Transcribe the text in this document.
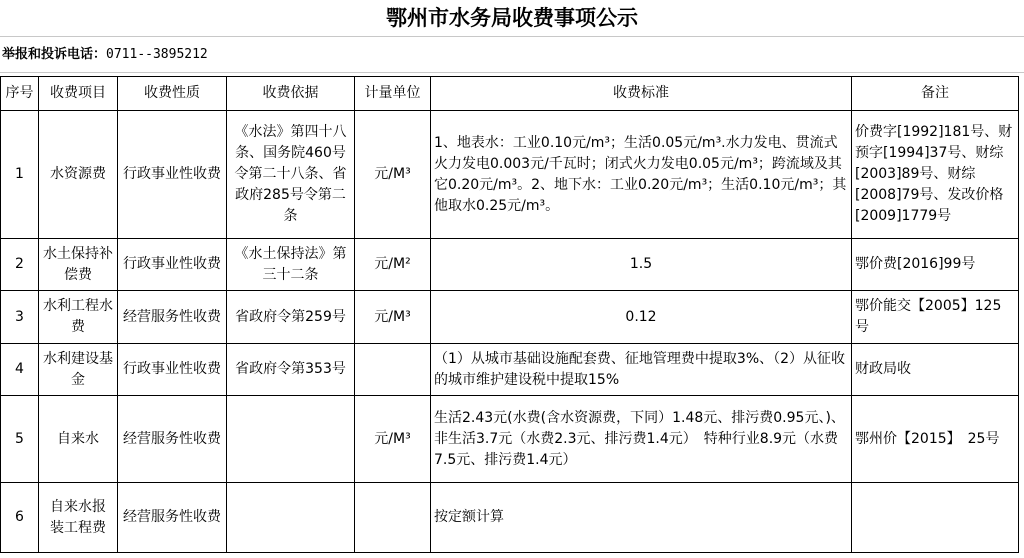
鄂州市水务局收费事项公示
举报和投诉电话：0711--3895212
序号	收费项目	收费性质	收费依据	计量单位	收费标准	备注
1	水资源费	行政事业性收费	《水法》第四十八条、国务院460号令第二十八条、省政府285号令第二条	元/M³	1、地表水：工业0.10元/m³；生活0.05元/m³.水力发电、贯流式火力发电0.003元/千瓦时；闭式火力发电0.05元/m³；跨流域及其它0.20元/m³。2、地下水：工业0.20元/m³；生活0.10元/m³；其他取水0.25元/m³。	价费字[1992]181号、财预字[1994]37号、财综[2003]89号、财综[2008]79号、发改价格[2009]1779号
2	水土保持补偿费	行政事业性收费	《水土保持法》第三十二条	元/M²	1.5	鄂价费[2016]99号
3	水利工程水费	经营服务性收费	省政府令第259号	元/M³	0.12	鄂价能交【2005】125号
4	水利建设基金	行政事业性收费	省政府令第353号		（1）从城市基础设施配套费、征地管理费中提取3%、（2）从征收的城市维护建设税中提取15%	财政局收
5	自来水	经营服务性收费		元/M³	生活2.43元(水费(含水资源费，下同）1.48元、排污费0.95元、)、非生活3.7元（水费2.3元、排污费1.4元）　特种行业8.9元（水费7.5元、排污费1.4元）	鄂州价【2015】　25号
6	自来水报　装工程费	经营服务性收费			按定额计算	
